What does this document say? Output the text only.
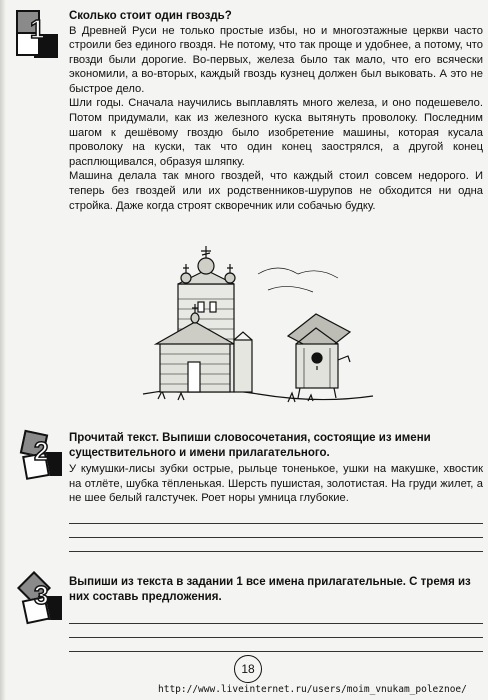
1 Сколько стоит один гвоздь?

В Древней Руси не только простые избы, но и многоэтажные церкви часто строили без единого гвоздя. Не потому, что так проще и удобнее, а потому, что гвозди были дорогие. Во-первых, железа было так мало, что его всячески экономили, а во-вторых, каждый гвоздь кузнец должен был выковать. А это не быстрое дело.

Шли годы. Сначала научились выплавлять много железа, и оно подешевело. Потом придумали, как из железного куска вытянуть проволоку. Последним шагом к дешёвому гвоздю было изобретение машины, которая кусала проволоку на куски, так что один конец заострялся, а другой конец расплющивался, образуя шляпку.

Машина делала так много гвоздей, что каждый стоил совсем недорого. И теперь без гвоздей или их родственников-шурупов не обходится ни одна стройка. Даже когда строят скворечник или собачью будку.

2 Прочитай текст. Выпиши словосочетания, состоящие из имени существительного и имени прилагательного.

У кумушки-лисы зубки острые, рыльце тоненькое, ушки на макушке, хвостик на отлёте, шубка тёпленькая. Шерсть пушистая, золотистая. На груди жилет, а не шее белый галстучек. Роет норы умница глубокие.

3 Выпиши из текста в задании 1 все имена прилагательные. С тремя из них составь предложения.

18
http://www.liveinternet.ru/users/moim_vnukam_poleznoe/
